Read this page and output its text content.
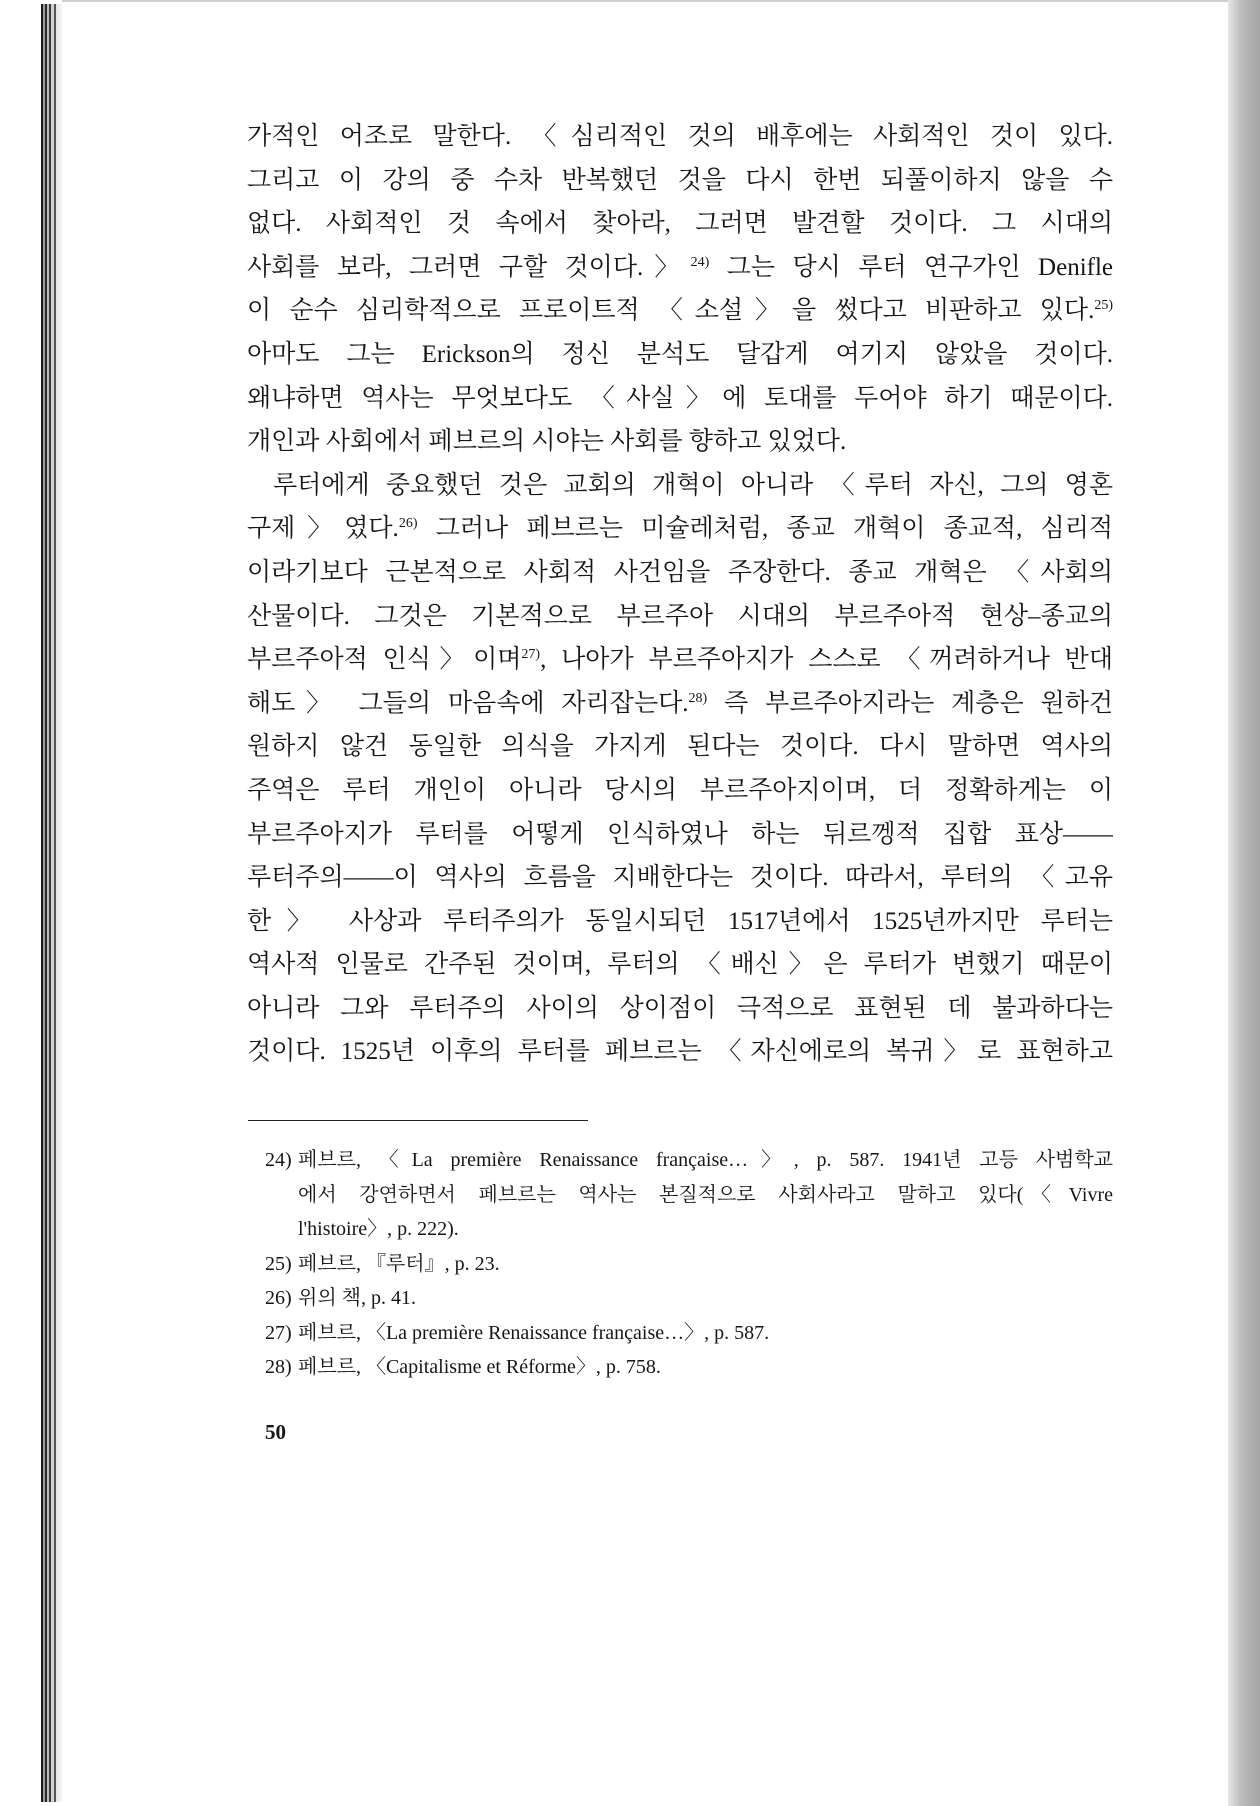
가적인 어조로 말한다. 〈심리적인 것의 배후에는 사회적인 것이 있다.
그리고 이 강의 중 수차 반복했던 것을 다시 한번 되풀이하지 않을 수
없다. 사회적인 것 속에서 찾아라, 그러면 발견할 것이다. 그 시대의
사회를 보라, 그러면 구할 것이다.〉$^{24)}$ 그는 당시 루터 연구가인 Denifle
이 순수 심리학적으로 프로이트적 〈소설〉을 썼다고 비판하고 있다.$^{25)}$
아마도 그는 Erickson의 정신 분석도 달갑게 여기지 않았을 것이다.
왜냐하면 역사는 무엇보다도 〈사실〉에 토대를 두어야 하기 때문이다.
개인과 사회에서 페브르의 시야는 사회를 향하고 있었다.
루터에게 중요했던 것은 교회의 개혁이 아니라 〈루터 자신, 그의 영혼
구제〉였다.$^{26)}$ 그러나 페브르는 미슐레처럼, 종교 개혁이 종교적, 심리적
이라기보다 근본적으로 사회적 사건임을 주장한다. 종교 개혁은 〈사회의
산물이다. 그것은 기본적으로 부르주아 시대의 부르주아적 현상–종교의
부르주아적 인식〉이며$^{27)}$, 나아가 부르주아지가 스스로 〈꺼려하거나 반대
해도〉 그들의 마음속에 자리잡는다.$^{28)}$ 즉 부르주아지라는 계층은 원하건
원하지 않건 동일한 의식을 가지게 된다는 것이다. 다시 말하면 역사의
주역은 루터 개인이 아니라 당시의 부르주아지이며, 더 정확하게는 이
부르주아지가 루터를 어떻게 인식하였나 하는 뒤르껭적 집합 표상——
루터주의——이 역사의 흐름을 지배한다는 것이다. 따라서, 루터의 〈고유
한〉 사상과 루터주의가 동일시되던 1517년에서 1525년까지만 루터는
역사적 인물로 간주된 것이며, 루터의 〈배신〉은 루터가 변했기 때문이
아니라 그와 루터주의 사이의 상이점이 극적으로 표현된 데 불과하다는
것이다. 1525년 이후의 루터를 페브르는 〈자신에로의 복귀〉로 표현하고
24) 페브르, 〈La première Renaissance française…〉, p. 587. 1941년 고등 사범학교
에서 강연하면서 페브르는 역사는 본질적으로 사회사라고 말하고 있다(〈Vivre
l'histoire〉, p. 222).
25) 페브르, 『루터』, p. 23.
26) 위의 책, p. 41.
27) 페브르, 〈La première Renaissance française…〉, p. 587.
28) 페브르, 〈Capitalisme et Réforme〉, p. 758.
50
